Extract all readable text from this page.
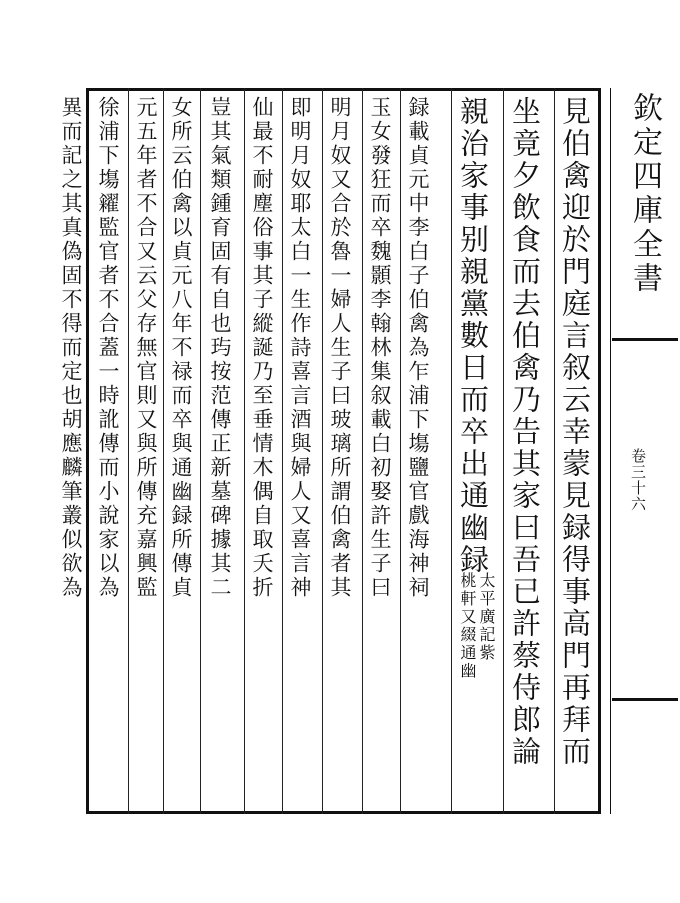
見伯禽迎於門庭言叙云幸蒙見録得事高門再拜而
坐竟夕飲食而去伯禽乃告其家曰吾已許蔡侍郎論
親治家事别親黨數日而卒出通幽録
太平廣記紫
桃軒又綴通幽
録載貞元中李白子伯禽為乍浦下塲鹽官戲海神祠
玉女發狂而卒魏顥李翰林集叙載白初娶許生子曰
明月奴又合於魯一婦人生子曰玻璃所謂伯禽者其
即明月奴耶太白一生作詩喜言酒與婦人又喜言神
仙最不耐塵俗事其子縱誕乃至垂情木偶自取夭折
豈其氣類鍾育固有自也玙按范傳正新墓碑據其二
女所云伯禽以貞元八年不禄而卒與通幽録所傳貞
元五年者不合又云父存無官則又與所傳充嘉興監
徐浦下塲糴監官者不合蓋一時訛傳而小說家以為
異而記之其真偽固不得而定也胡應麟筆叢似欲為	欽定四庫全書
卷三十六
